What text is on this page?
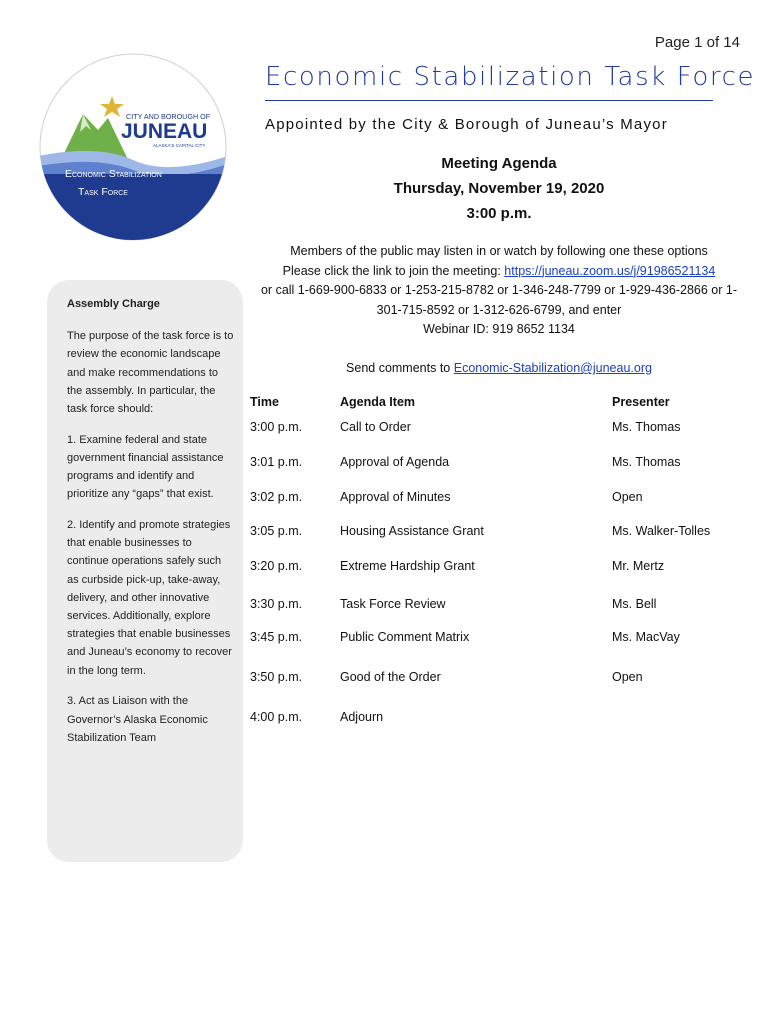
Page 1 of 14
CITY AND BOROUGH OF
JUNEAU
ALASKA'S CAPITAL CITY
Economic Stabilization
Task Force
Economic Stabilization Task Force
Appointed by the City & Borough of Juneau’s Mayor
Meeting Agenda
Thursday, November 19, 2020
3:00 p.m.
Members of the public may listen in or watch by following one these options
Please click the link to join the meeting: https://juneau.zoom.us/j/91986521134
or call 1-669-900-6833 or 1-253-215-8782 or 1-346-248-7799 or 1-929-436-2866 or 1-
301-715-8592 or 1-312-626-6799, and enter
Webinar ID: 919 8652 1134
Send comments to Economic-Stabilization@juneau.org

Assembly Charge

The purpose of the task force is to review the economic landscape and make recommendations to the assembly. In particular, the task force should:

1. Examine federal and state government financial assistance programs and identify and prioritize any “gaps” that exist.

2. Identify and promote strategies that enable businesses to continue operations safely such as curbside pick-up, take-away, delivery, and other innovative services. Additionally, explore strategies that enable businesses and Juneau’s economy to recover in the long term.

3. Act as Liaison with the Governor’s Alaska Economic Stabilization Team

Time	Agenda Item	Presenter
3:00 p.m.	Call to Order	Ms. Thomas
3:01 p.m.	Approval of Agenda	Ms. Thomas
3:02 p.m.	Approval of Minutes	Open
3:05 p.m.	Housing Assistance Grant	Ms. Walker-Tolles
3:20 p.m.	Extreme Hardship Grant	Mr. Mertz
3:30 p.m.	Task Force Review	Ms. Bell
3:45 p.m.	Public Comment Matrix	Ms. MacVay
3:50 p.m.	Good of the Order	Open
4:00 p.m.	Adjourn
